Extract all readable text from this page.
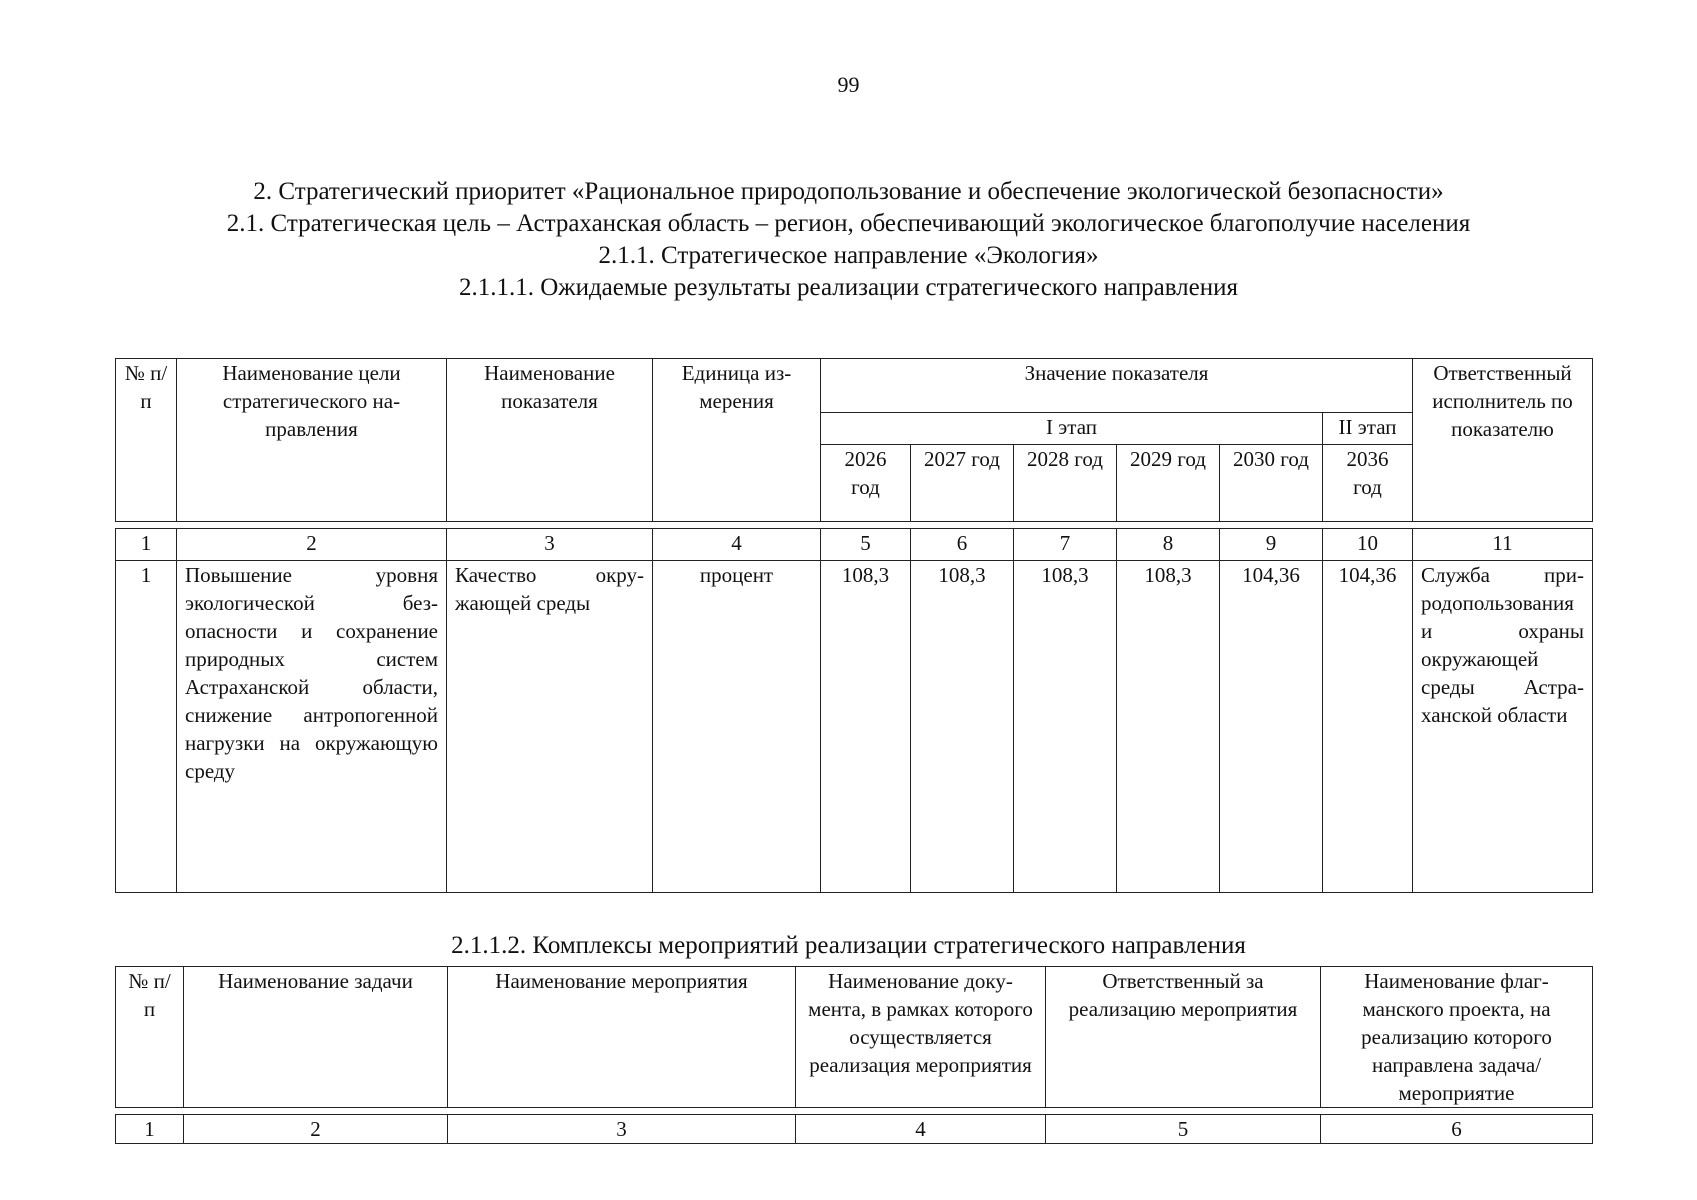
99
2. Стратегический приоритет «Рациональное природопользование и обеспечение экологической безопасности»
2.1. Стратегическая цель – Астраханская область – регион, обеспечивающий экологическое благополучие населения
2.1.1. Стратегическое направление «Экология»
2.1.1.1. Ожидаемые результаты реализации стратегического направления
№ п/п	Наименование цели стратегического направления	Наименование показателя	Единица измерения	Значение показателя						Ответственный исполнитель по показателю
				I этап					II этап	
				2026 год	2027 год	2028 год	2029 год	2030 год	2036 год	

1	2	3	4	5	6	7	8	9	10	11
1	Повышение уровня экологической безопасности и сохранение природных систем Астраханской области, снижение антропогенной нагрузки на окружающую среду	Качество окружающей среды	процент	108,3	108,3	108,3	108,3	104,36	104,36	Служба природопользования и охраны окружающей среды Астраханской области
2.1.1.2. Комплексы мероприятий реализации стратегического направления
№ п/п	Наименование задачи	Наименование мероприятия	Наименование документа, в рамках которого осуществляется реализация мероприятия	Ответственный за реализацию мероприятия	Наименование флагманского проекта, на реализацию которого направлена задача/мероприятие

1	2	3	4	5	6
